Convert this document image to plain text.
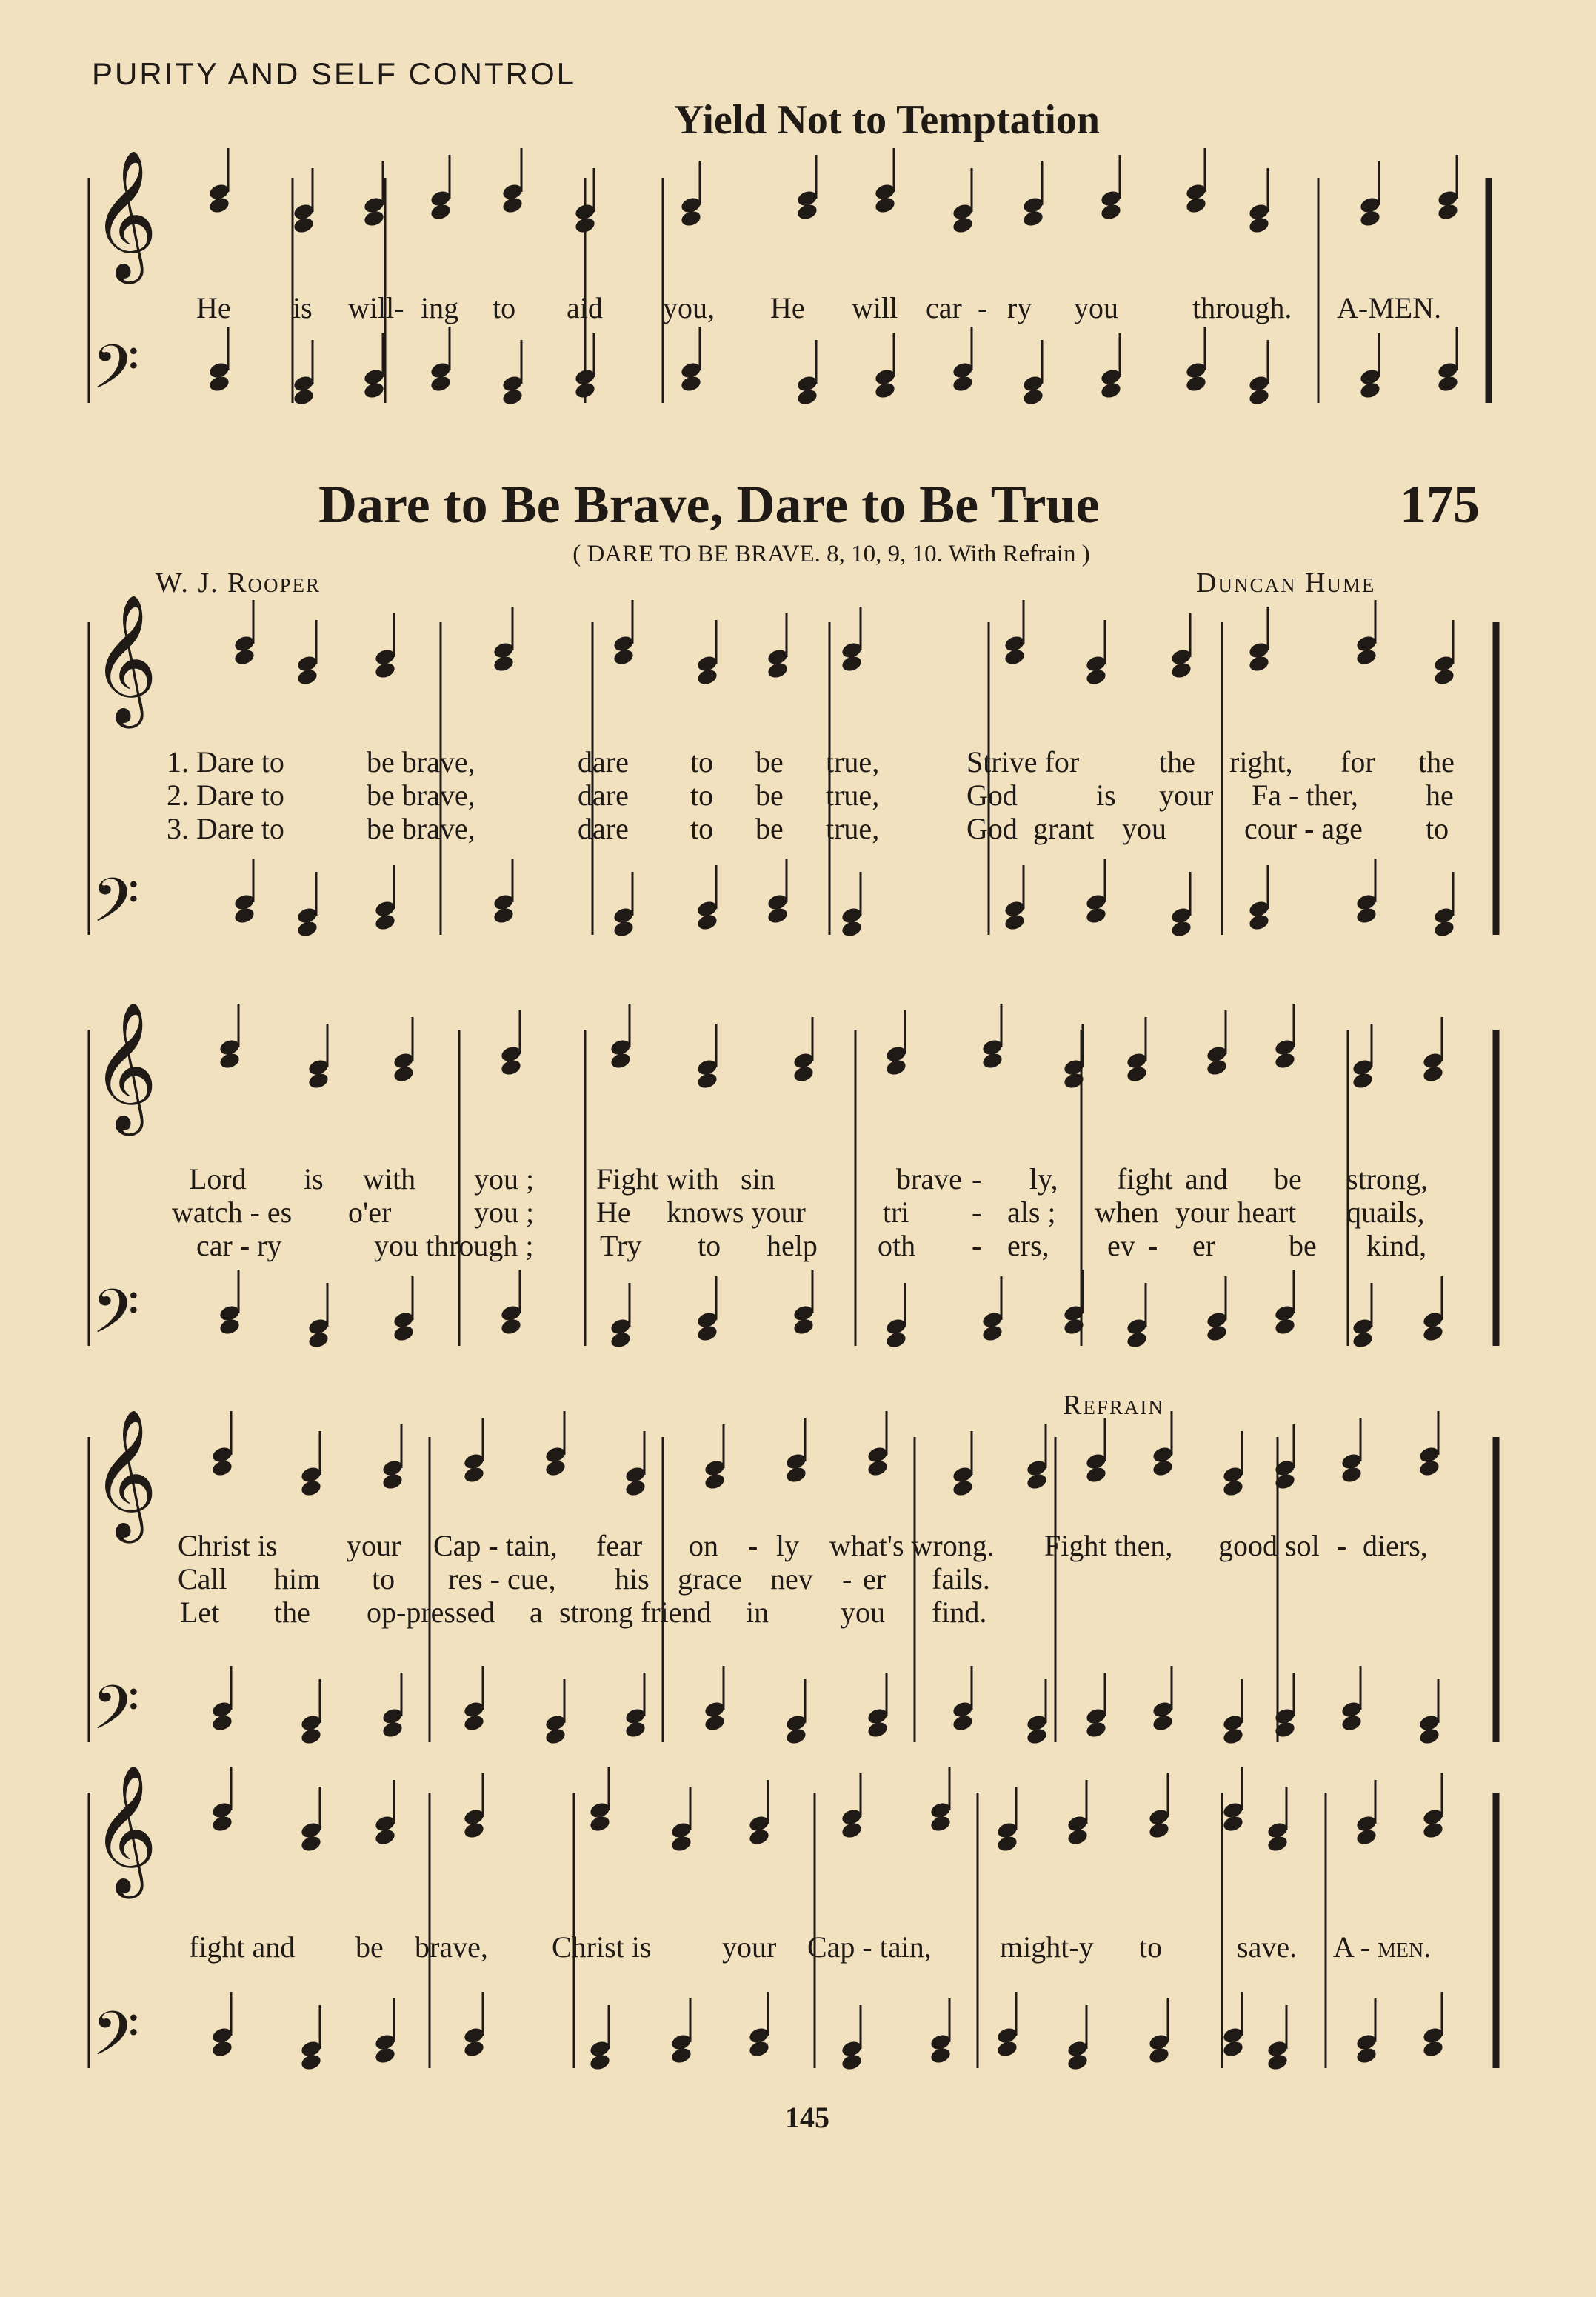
𝄞
𝄢
𝄞
𝄢
𝄞
𝄢
𝄞
𝄢
𝄞
𝄢
PURITY AND SELF CONTROL
Yield Not to Temptation
He is will- ing to aid you, He will car - ry you	through. A-MEN.
Dare to Be Brave, Dare to Be True	175
( DARE TO BE BRAVE. 8, 10, 9, 10. With Refrain )
W. J. Rooper	Duncan Hume
1. Dare to	be brave,	dare to be true,	Strive for	the right, for the
2. Dare to	be brave,	dare to be true,	God	is your Fa - ther, he
3. Dare to	be brave,	dare to be true,	God grant you	cour - age to
Lord is with you ; Fight with sin	brave - ly, fight and be strong,
watch - es o'er	you ; He knows your	tri - als ; when your heart quails,
car - ry	you through ; Try to help oth - ers, ev - er be kind,
Refrain
Christ is your Cap - tain, fear on - ly what's wrong. Fight then, good sol - diers,
Call him to res - cue, his grace nev - er fails.
Let the op-pressed a strong friend in you find.
fight and be brave, Christ is your Cap - tain, might-y to	save. A - men.
145
